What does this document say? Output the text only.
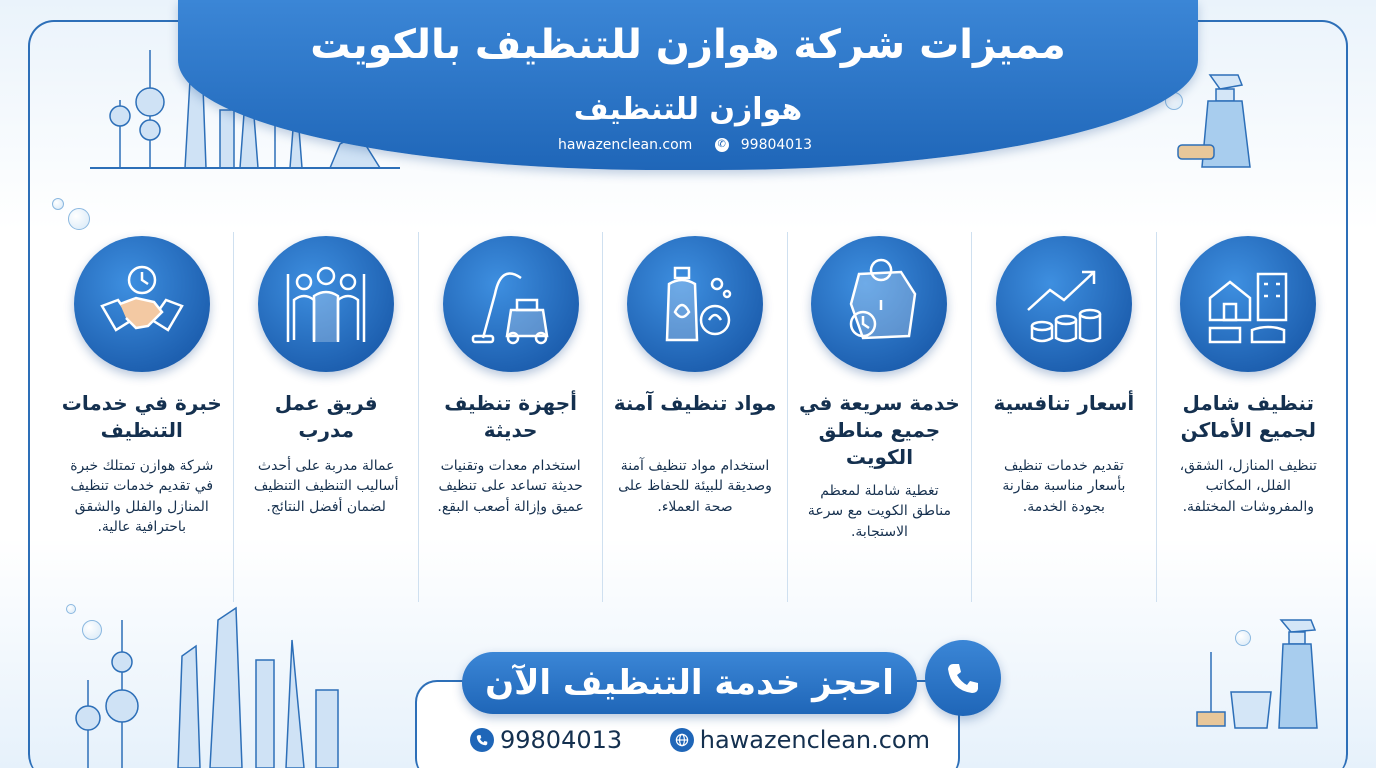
مميزات شركة هوازن للتنظيف بالكويت
هوازن للتنظيف
hawazenclean.com	✆ 99804013
تنظيف شامل لجميع الأماكن
تنظيف المنازل، الشقق، الفلل، المكاتب والمفروشات المختلفة.
أسعار تنافسية
تقديم خدمات تنظيف بأسعار مناسبة مقارنة بجودة الخدمة.
خدمة سريعة في جميع مناطق الكويت
تغطية شاملة لمعظم مناطق الكويت مع سرعة الاستجابة.
مواد تنظيف آمنة
استخدام مواد تنظيف آمنة وصديقة للبيئة للحفاظ على صحة العملاء.
أجهزة تنظيف حديثة
استخدام معدات وتقنيات حديثة تساعد على تنظيف عميق وإزالة أصعب البقع.
فريق عمل مدرب
عمالة مدربة على أحدث أساليب التنظيف التنظيف لضمان أفضل النتائج.
خبرة في خدمات التنظيف
شركة هوازن تمتلك خبرة في تقديم خدمات تنظيف المنازل والفلل والشقق باحترافية عالية.
احجز خدمة التنظيف الآن
99804013	hawazenclean.com
